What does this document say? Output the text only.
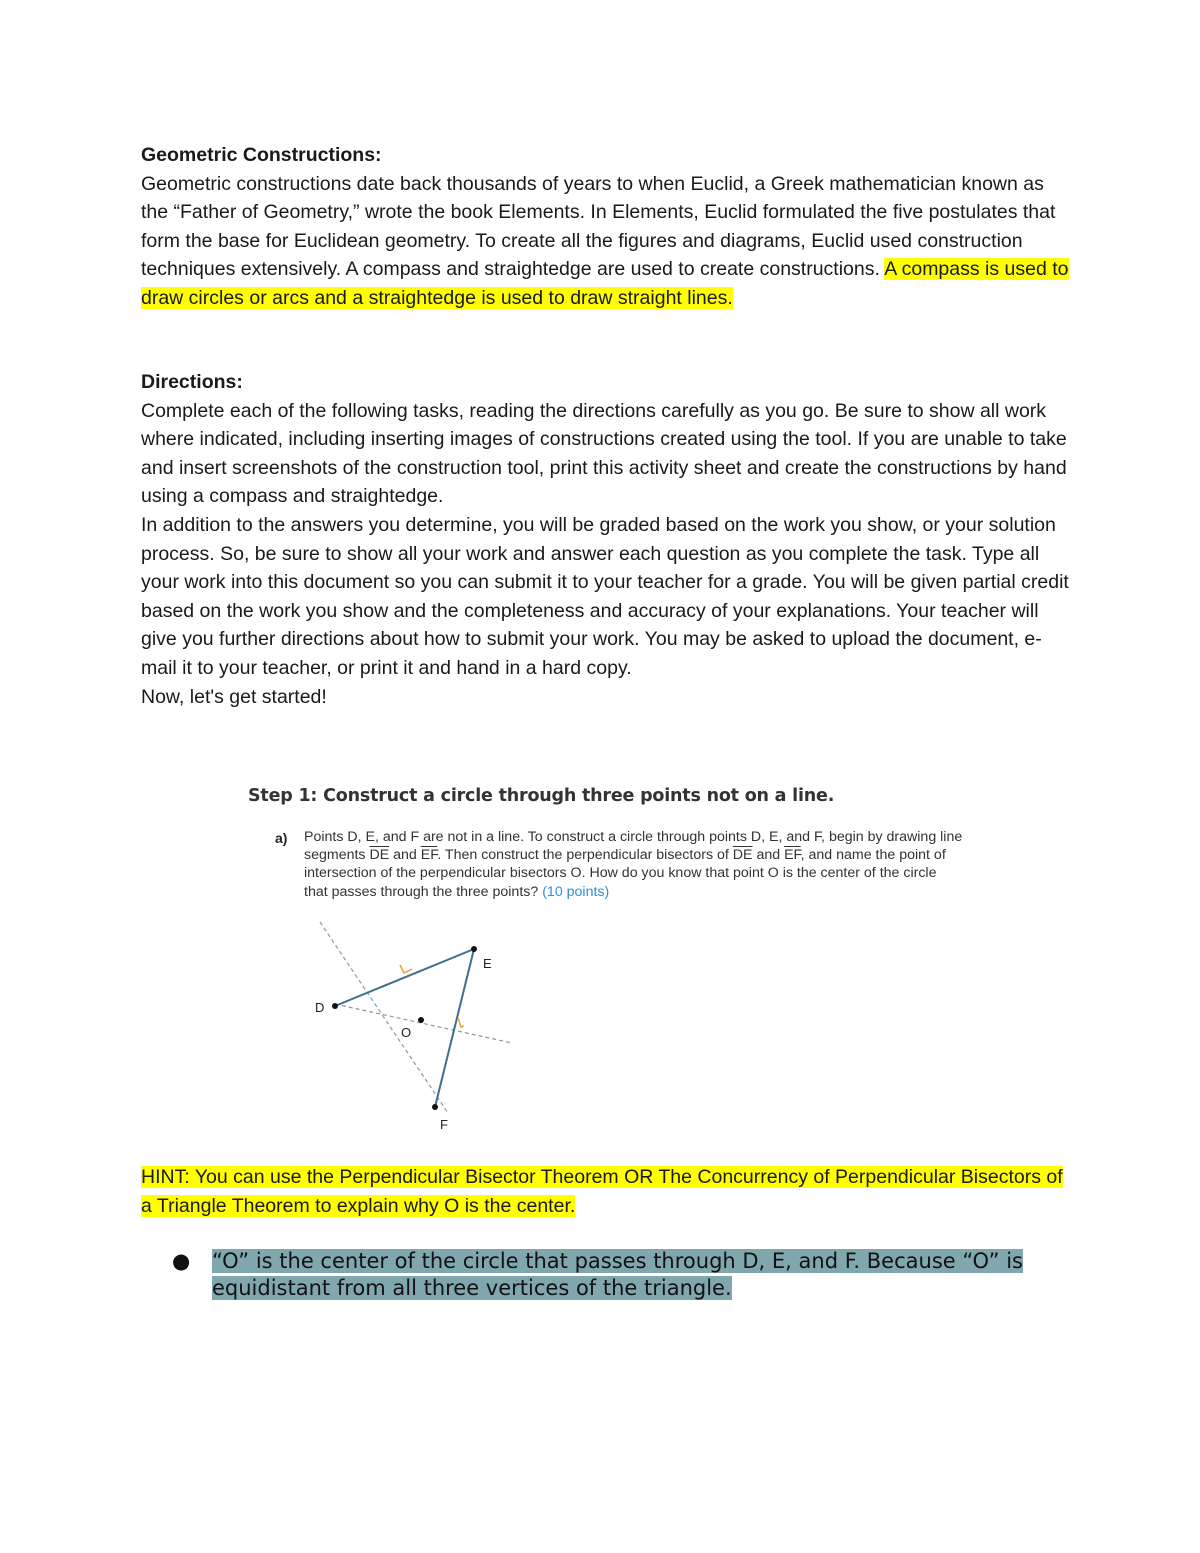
Geometric Constructions:
Geometric constructions date back thousands of years to when Euclid, a Greek mathematician known as the “Father of Geometry,” wrote the book Elements. In Elements, Euclid formulated the five postulates that form the base for Euclidean geometry. To create all the figures and diagrams, Euclid used construction techniques extensively. A compass and straightedge are used to create constructions. A compass is used to draw circles or arcs and a straightedge is used to draw straight lines.
Directions:
Complete each of the following tasks, reading the directions carefully as you go. Be sure to show all work where indicated, including inserting images of constructions created using the tool. If you are unable to take and insert screenshots of the construction tool, print this activity sheet and create the constructions by hand using a compass and straightedge.
In addition to the answers you determine, you will be graded based on the work you show, or your solution process. So, be sure to show all your work and answer each question as you complete the task. Type all your work into this document so you can submit it to your teacher for a grade. You will be given partial credit based on the work you show and the completeness and accuracy of your explanations. Your teacher will give you further directions about how to submit your work. You may be asked to upload the document, e-mail it to your teacher, or print it and hand in a hard copy.
Now, let's get started!
Step 1: Construct a circle through three points not on a line.
a) Points D, E, and F are not in a line. To construct a circle through points D, E, and F, begin by drawing line segments $\overline{DE}$ and $\overline{EF}$. Then construct the perpendicular bisectors of $\overline{DE}$ and $\overline{EF}$, and name the point of intersection of the perpendicular bisectors O. How do you know that point O is the center of the circle that passes through the three points? (10 points)
D
E
O
F
HINT: You can use the Perpendicular Bisector Theorem OR The Concurrency of Perpendicular Bisectors of a Triangle Theorem to explain why O is the center.
● “O” is the center of the circle that passes through D, E, and F. Because “O” is equidistant from all three vertices of the triangle.
